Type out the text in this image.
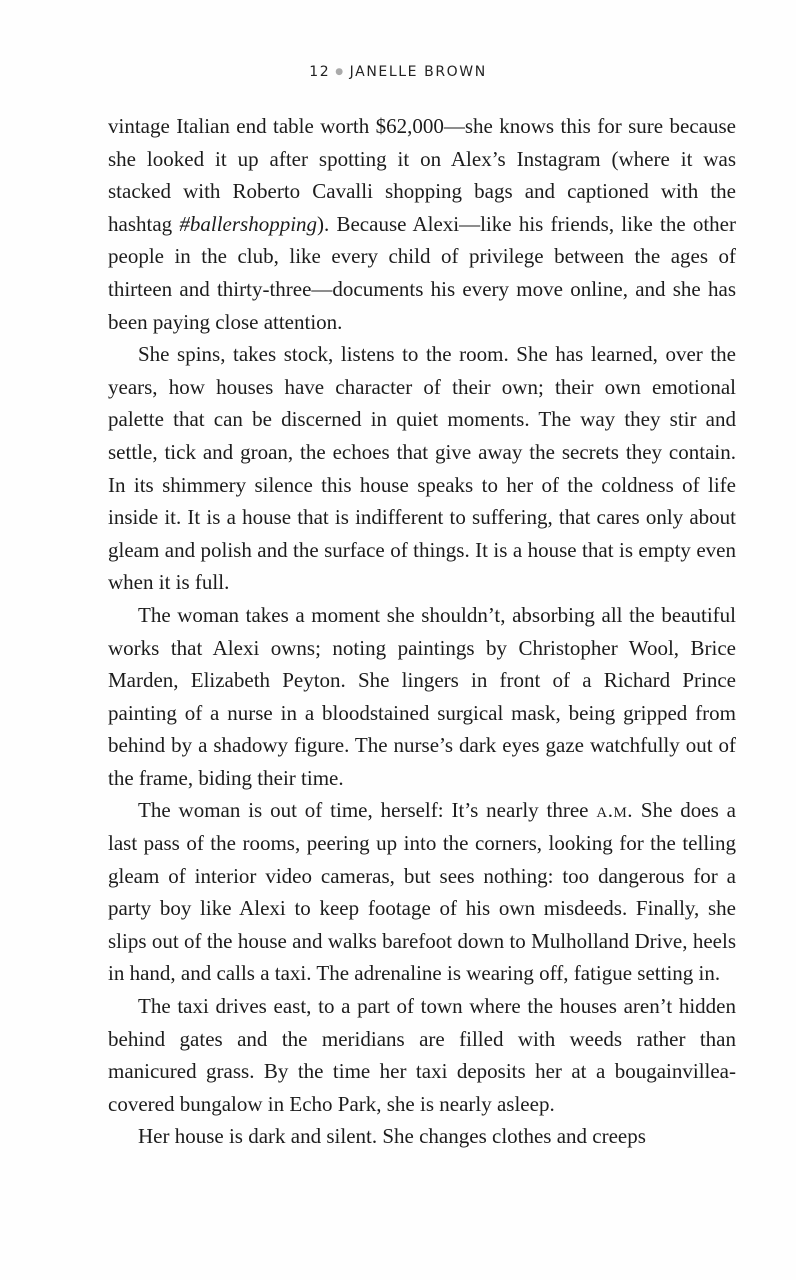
12 ● JANELLE BROWN

vintage Italian end table worth $62,000—she knows this for sure because she looked it up after spotting it on Alex’s Instagram (where it was stacked with Roberto Cavalli shopping bags and captioned with the hashtag #ballershopping). Because Alexi—like his friends, like the other people in the club, like every child of privilege between the ages of thirteen and thirty-three—documents his every move online, and she has been paying close attention.

She spins, takes stock, listens to the room. She has learned, over the years, how houses have character of their own; their own emotional palette that can be discerned in quiet moments. The way they stir and settle, tick and groan, the echoes that give away the secrets they contain. In its shimmery silence this house speaks to her of the coldness of life inside it. It is a house that is indifferent to suffering, that cares only about gleam and polish and the surface of things. It is a house that is empty even when it is full.

The woman takes a moment she shouldn’t, absorbing all the beautiful works that Alexi owns; noting paintings by Christopher Wool, Brice Marden, Elizabeth Peyton. She lingers in front of a Richard Prince painting of a nurse in a bloodstained surgical mask, being gripped from behind by a shadowy figure. The nurse’s dark eyes gaze watchfully out of the frame, biding their time.

The woman is out of time, herself: It’s nearly three a.m. She does a last pass of the rooms, peering up into the corners, looking for the telling gleam of interior video cameras, but sees nothing: too dangerous for a party boy like Alexi to keep footage of his own misdeeds. Finally, she slips out of the house and walks barefoot down to Mulholland Drive, heels in hand, and calls a taxi. The adrenaline is wearing off, fatigue setting in.

The taxi drives east, to a part of town where the houses aren’t hidden behind gates and the meridians are filled with weeds rather than manicured grass. By the time her taxi deposits her at a bougainvillea-covered bungalow in Echo Park, she is nearly asleep.

Her house is dark and silent. She changes clothes and creeps
